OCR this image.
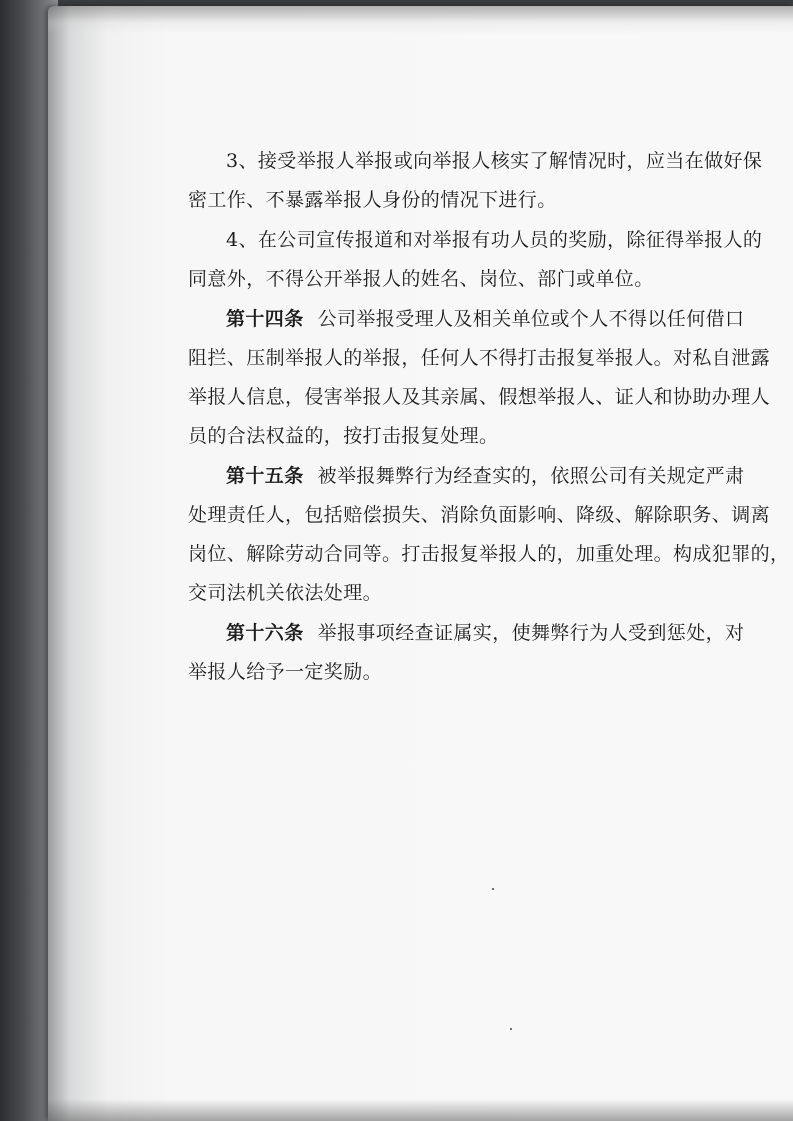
3、接受举报人举报或向举报人核实了解情况时，应当在做好保
密工作、不暴露举报人身份的情况下进行。
4、在公司宣传报道和对举报有功人员的奖励，除征得举报人的
同意外，不得公开举报人的姓名、岗位、部门或单位。
第十四条 公司举报受理人及相关单位或个人不得以任何借口
阻拦、压制举报人的举报，任何人不得打击报复举报人。对私自泄露
举报人信息，侵害举报人及其亲属、假想举报人、证人和协助办理人
员的合法权益的，按打击报复处理。
第十五条 被举报舞弊行为经查实的，依照公司有关规定严肃
处理责任人，包括赔偿损失、消除负面影响、降级、解除职务、调离
岗位、解除劳动合同等。打击报复举报人的，加重处理。构成犯罪的，
交司法机关依法处理。
第十六条 举报事项经查证属实，使舞弊行为人受到惩处，对
举报人给予一定奖励。
